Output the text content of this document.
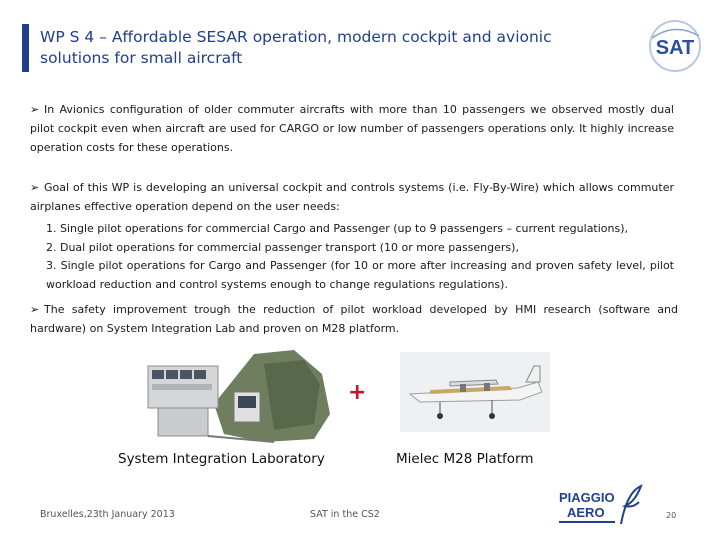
WP S 4 – Affordable SESAR operation, modern cockpit and avionic solutions for small aircraft	SAT
➢ In Avionics configuration of older commuter aircrafts with more than 10 passengers we observed mostly dual pilot cockpit even when aircraft are used for CARGO or low number of passengers operations only. It highly increase operation costs for these operations.
➢ Goal of this WP is developing an universal cockpit and controls systems (i.e. Fly-By-Wire) which allows commuter airplanes effective operation depend on the user needs:
1. Single pilot operations for commercial Cargo and Passenger (up to 9 passengers – current regulations),
2. Dual pilot operations for commercial passenger transport (10 or more passengers),
3. Single pilot operations for Cargo and Passenger (for 10 or more after increasing and proven safety level, pilot workload reduction and control systems enough to change regulations regulations).
➢ The safety improvement trough the reduction of pilot workload developed by HMI research (software and hardware) on System Integration Lab and proven on M28 platform.
+
System Integration Laboratory	Mielec M28 Platform
Bruxelles,23th January 2013	SAT in the CS2
PIAGGIO
AERO	20
